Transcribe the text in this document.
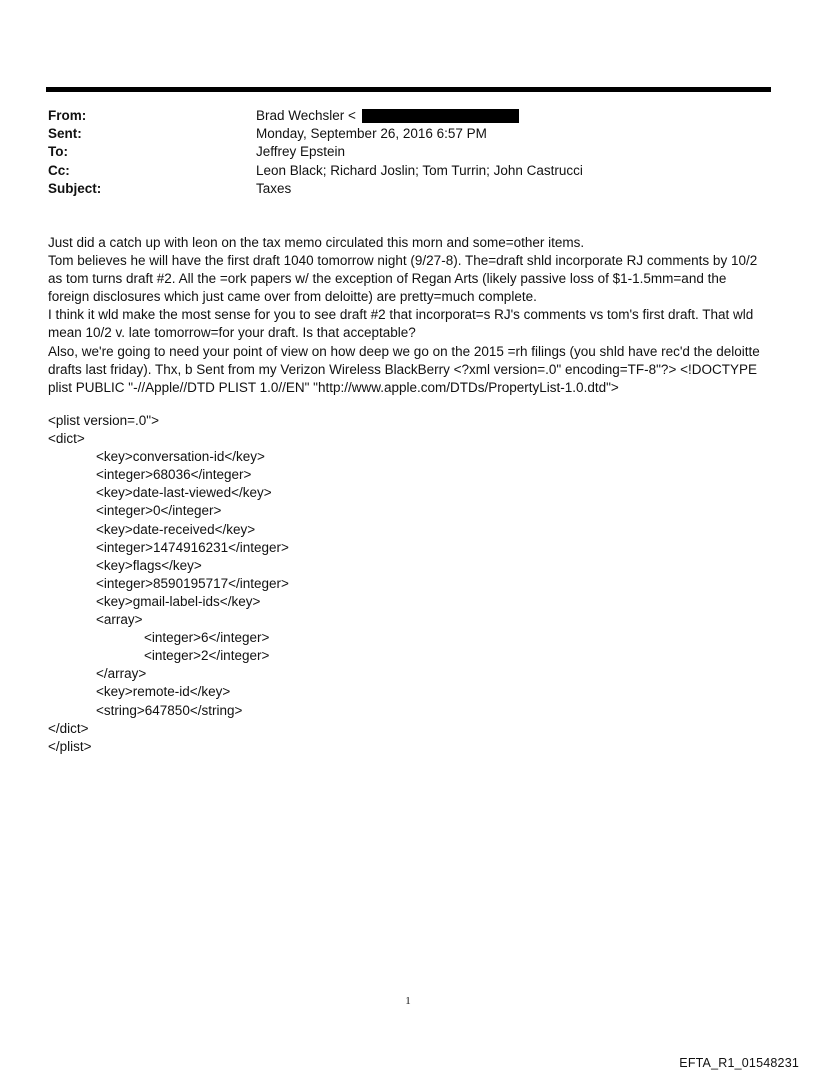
From:	Brad Wechsler <
Sent:	Monday, September 26, 2016 6:57 PM
To:	Jeffrey Epstein
Cc:	Leon Black; Richard Joslin; Tom Turrin; John Castrucci
Subject:	Taxes

Just did a catch up with leon on the tax memo circulated this morn and some=other items.

Tom believes he will have the first draft 1040 tomorrow night (9/27-8). The=draft shld incorporate RJ comments by 10/2 as tom turns draft #2. All the =ork papers w/ the exception of Regan Arts (likely passive loss of $1-1.5mm=and the foreign disclosures which just came over from deloitte) are pretty=much complete.

I think it wld make the most sense for you to see draft #2 that incorporat=s RJ's comments vs tom's first draft. That wld mean 10/2 v. late tomorrow=for your draft. Is that acceptable?

Also, we're going to need your point of view on how deep we go on the 2015 =rh filings (you shld have rec'd the deloitte drafts last friday). Thx, b Sent from my Verizon Wireless BlackBerry <?xml version=.0" encoding=TF-8"?> <!DOCTYPE plist PUBLIC "-//Apple//DTD PLIST 1.0//EN" "http://www.apple.com/DTDs/PropertyList-1.0.dtd">

<plist version=.0">
<dict>
<key>conversation-id</key>
<integer>68036</integer>
<key>date-last-viewed</key>
<integer>0</integer>
<key>date-received</key>
<integer>1474916231</integer>
<key>flags</key>
<integer>8590195717</integer>
<key>gmail-label-ids</key>
<array>
<integer>6</integer>
<integer>2</integer>
</array>
<key>remote-id</key>
<string>647850</string>
</dict>
</plist>
1
EFTA_R1_01548231
